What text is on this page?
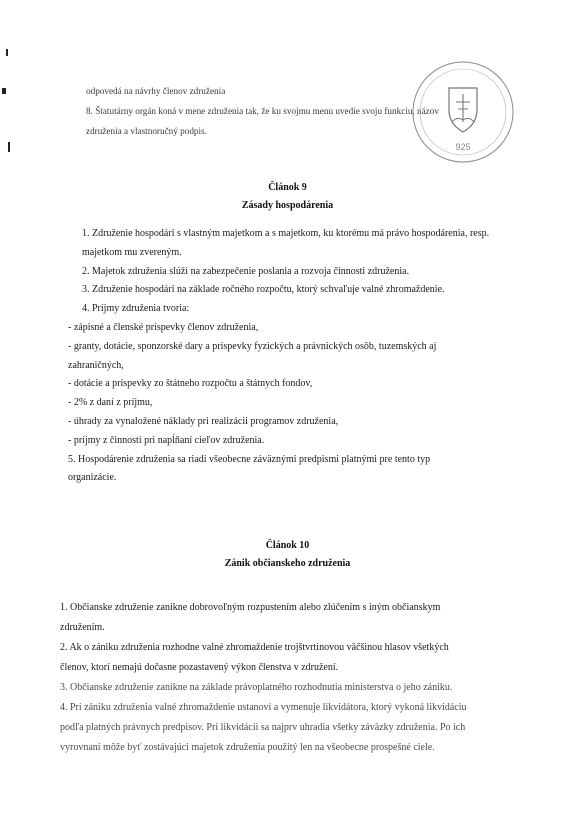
odpovedá na návrhy členov združenia

8. Štatutárny orgán koná v mene združenia tak, že ku svojmu menu uvedie svoju funkciu, názov

združenia a vlastnoručný podpis.

925
Článok 9
Zásady hospodárenia

1. Združenie hospodári s vlastným majetkom a s majetkom, ku ktorému má právo hospodárenia, resp.

majetkom mu zvereným.

2. Majetok združenia slúži na zabezpečenie poslania a rozvoja činnosti združenia.

3. Združenie hospodári na základe ročného rozpočtu, ktorý schvaľuje valné zhromaždenie.

4. Príjmy združenia tvoria:

- zápisné a členské príspevky členov združenia,

- granty, dotácie, sponzorské dary a príspevky fyzických a právnických osôb, tuzemských aj

zahraničných,

- dotácie a príspevky zo štátneho rozpočtu a štátnych fondov,

- 2% z daní z príjmu,

- úhrady za vynaložené náklady pri realizácii programov združenia,

- príjmy z činnosti pri napĺňaní cieľov združenia.

5. Hospodárenie združenia sa riadi všeobecne záväznými predpismi platnými pre tento typ

organizácie.

Článok 10
Zánik občianskeho združenia

1. Občianske združenie zanikne dobrovoľným rozpustením alebo zlúčením s iným občianskym

združením.

2. Ak o zániku združenia rozhodne valné zhromaždenie trojštvrtinovou väčšinou hlasov všetkých

členov, ktorí nemajú dočasne pozastavený výkon členstva v združení.

3. Občianske združenie zanikne na základe právoplatného rozhodnutia ministerstva o jeho zániku.

4. Pri zániku združenia valné zhromaždenie ustanoví a vymenuje likvidátora, ktorý vykoná likvidáciu

podľa platných právnych predpisov. Pri likvidácii sa najprv uhradia všetky záväzky združenia. Po ich

vyrovnaní môže byť zostávajúci majetok združenia použitý len na všeobecne prospešné ciele.
